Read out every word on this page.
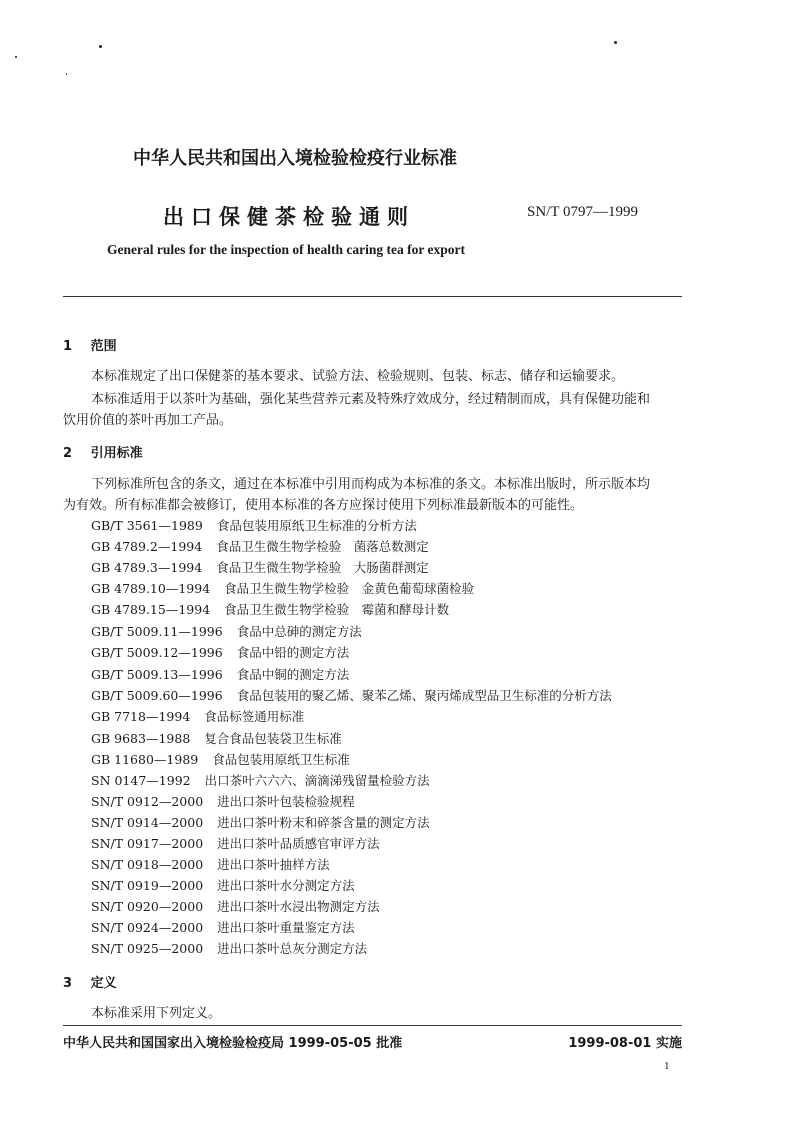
中华人民共和国出入境检验检疫行业标准
出口保健茶检验通则	SN/T 0797—1999
General rules for the inspection of health caring tea for export
1 范围
本标准规定了出口保健茶的基本要求、试验方法、检验规则、包装、标志、储存和运输要求。
本标准适用于以茶叶为基础，强化某些营养元素及特殊疗效成分，经过精制而成，具有保健功能和
饮用价值的茶叶再加工产品。
2 引用标准
下列标准所包含的条文，通过在本标准中引用而构成为本标准的条文。本标准出版时，所示版本均
为有效。所有标准都会被修订，使用本标准的各方应探讨使用下列标准最新版本的可能性。
GB/T 3561—1989 食品包装用原纸卫生标准的分析方法
GB 4789.2—1994 食品卫生微生物学检验　菌落总数测定
GB 4789.3—1994 食品卫生微生物学检验　大肠菌群测定
GB 4789.10—1994 食品卫生微生物学检验　金黄色葡萄球菌检验
GB 4789.15—1994 食品卫生微生物学检验　霉菌和酵母计数
GB/T 5009.11—1996 食品中总砷的测定方法
GB/T 5009.12—1996 食品中铅的测定方法
GB/T 5009.13—1996 食品中铜的测定方法
GB/T 5009.60—1996 食品包装用的聚乙烯、聚苯乙烯、聚丙烯成型品卫生标准的分析方法
GB 7718—1994 食品标签通用标准
GB 9683—1988 复合食品包装袋卫生标准
GB 11680—1989 食品包装用原纸卫生标准
SN 0147—1992 出口茶叶六六六、滴滴涕残留量检验方法
SN/T 0912—2000 进出口茶叶包装检验规程
SN/T 0914—2000 进出口茶叶粉末和碎茶含量的测定方法
SN/T 0917—2000 进出口茶叶品质感官审评方法
SN/T 0918—2000 进出口茶叶抽样方法
SN/T 0919—2000 进出口茶叶水分测定方法
SN/T 0920—2000 进出口茶叶水浸出物测定方法
SN/T 0924—2000 进出口茶叶重量鉴定方法
SN/T 0925—2000 进出口茶叶总灰分测定方法
3 定义
本标准采用下列定义。
中华人民共和国国家出入境检验检疫局 1999-05-05 批准	1999-08-01 实施
1
